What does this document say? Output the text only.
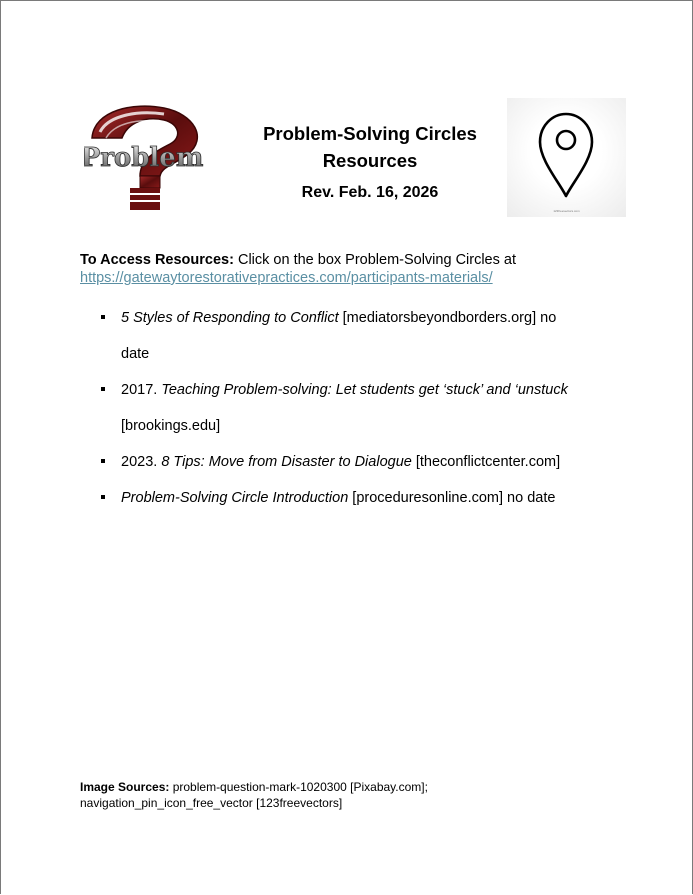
Problem
Problem-Solving Circles
Resources
Rev. Feb. 16, 2026
123freevectors.com
To Access Resources: Click on the box Problem-Solving Circles at
https://gatewaytorestorativepractices.com/participants-materials/
5 Styles of Responding to Conflict [mediatorsbeyondborders.org] no
date
2017. Teaching Problem-solving: Let students get ‘stuck’ and ‘unstuck
[brookings.edu]
2023. 8 Tips: Move from Disaster to Dialogue [theconflictcenter.com]
Problem-Solving Circle Introduction [proceduresonline.com] no date
Image Sources: problem-question-mark-1020300 [Pixabay.com];
navigation_pin_icon_free_vector [123freevectors]
